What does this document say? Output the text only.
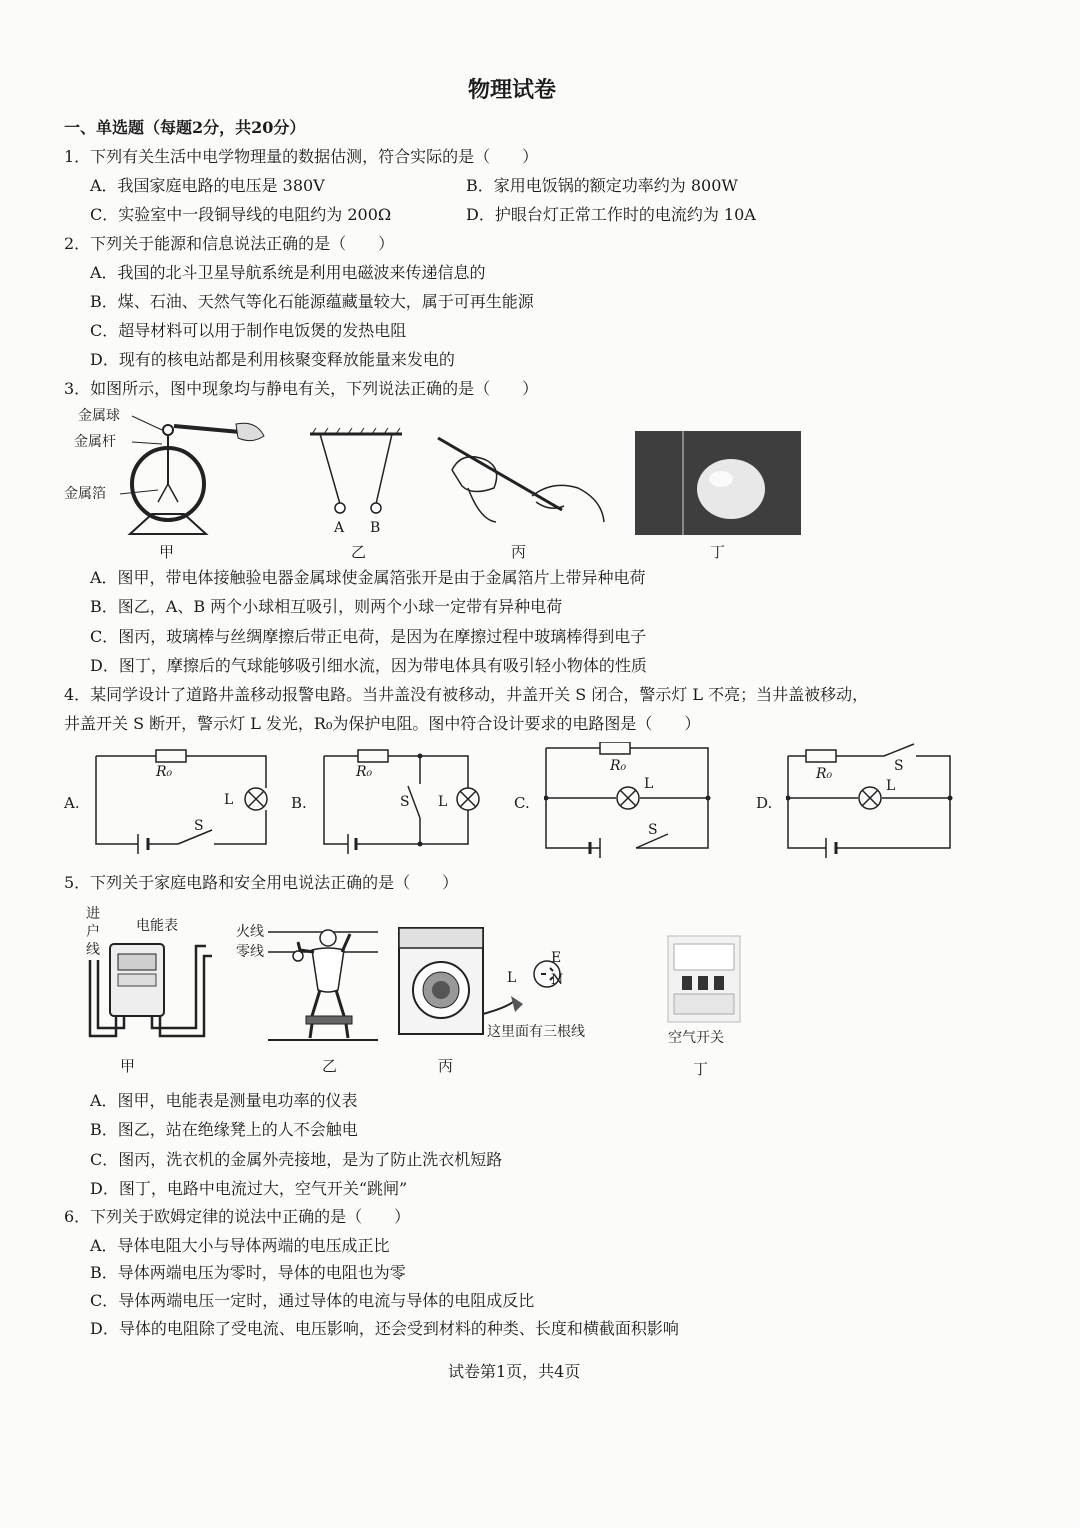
物理试卷
一、单选题（每题2分，共20分）
1．下列有关生活中电学物理量的数据估测，符合实际的是（　　）
A．我国家庭电路的电压是 380V	B．家用电饭锅的额定功率约为 800W
C．实验室中一段铜导线的电阻约为 200Ω	D．护眼台灯正常工作时的电流约为 10A
2．下列关于能源和信息说法正确的是（　　）
A．我国的北斗卫星导航系统是利用电磁波来传递信息的
B．煤、石油、天然气等化石能源蕴藏量较大，属于可再生能源
C．超导材料可以用于制作电饭煲的发热电阻
D．现有的核电站都是利用核聚变释放能量来发电的
3．如图所示，图中现象均与静电有关，下列说法正确的是（　　）
金属球
金属杆
金属箔
甲
A B
乙	丙	丁
A．图甲，带电体接触验电器金属球使金属箔张开是由于金属箔片上带异种电荷
B．图乙，A、B 两个小球相互吸引，则两个小球一定带有异种电荷
C．图丙，玻璃棒与丝绸摩擦后带正电荷，是因为在摩擦过程中玻璃棒得到电子
D．图丁，摩擦后的气球能够吸引细水流，因为带电体具有吸引轻小物体的性质
4．某同学设计了道路井盖移动报警电路。当井盖没有被移动，井盖开关 S 闭合，警示灯 L 不亮；当井盖被移动，
井盖开关 S 断开，警示灯 L 发光，R₀为保护电阻。图中符合设计要求的电路图是（　　）
A.
R₀
L
S
B.
R₀
S L	C.
R₀
L
S
D.
R₀	S
L
5．下列关于家庭电路和安全用电说法正确的是（　　）
进
户
线
电能表
甲
火线
零线
乙
L
E
N
这里面有三根线
丙
空气开关
丁
A．图甲，电能表是测量电功率的仪表
B．图乙，站在绝缘凳上的人不会触电
C．图丙，洗衣机的金属外壳接地，是为了防止洗衣机短路
D．图丁，电路中电流过大，空气开关“跳闸”
6．下列关于欧姆定律的说法中正确的是（　　）
A．导体电阻大小与导体两端的电压成正比
B．导体两端电压为零时，导体的电阻也为零
C．导体两端电压一定时，通过导体的电流与导体的电阻成反比
D．导体的电阻除了受电流、电压影响，还会受到材料的种类、长度和横截面积影响
试卷第1页，共4页
